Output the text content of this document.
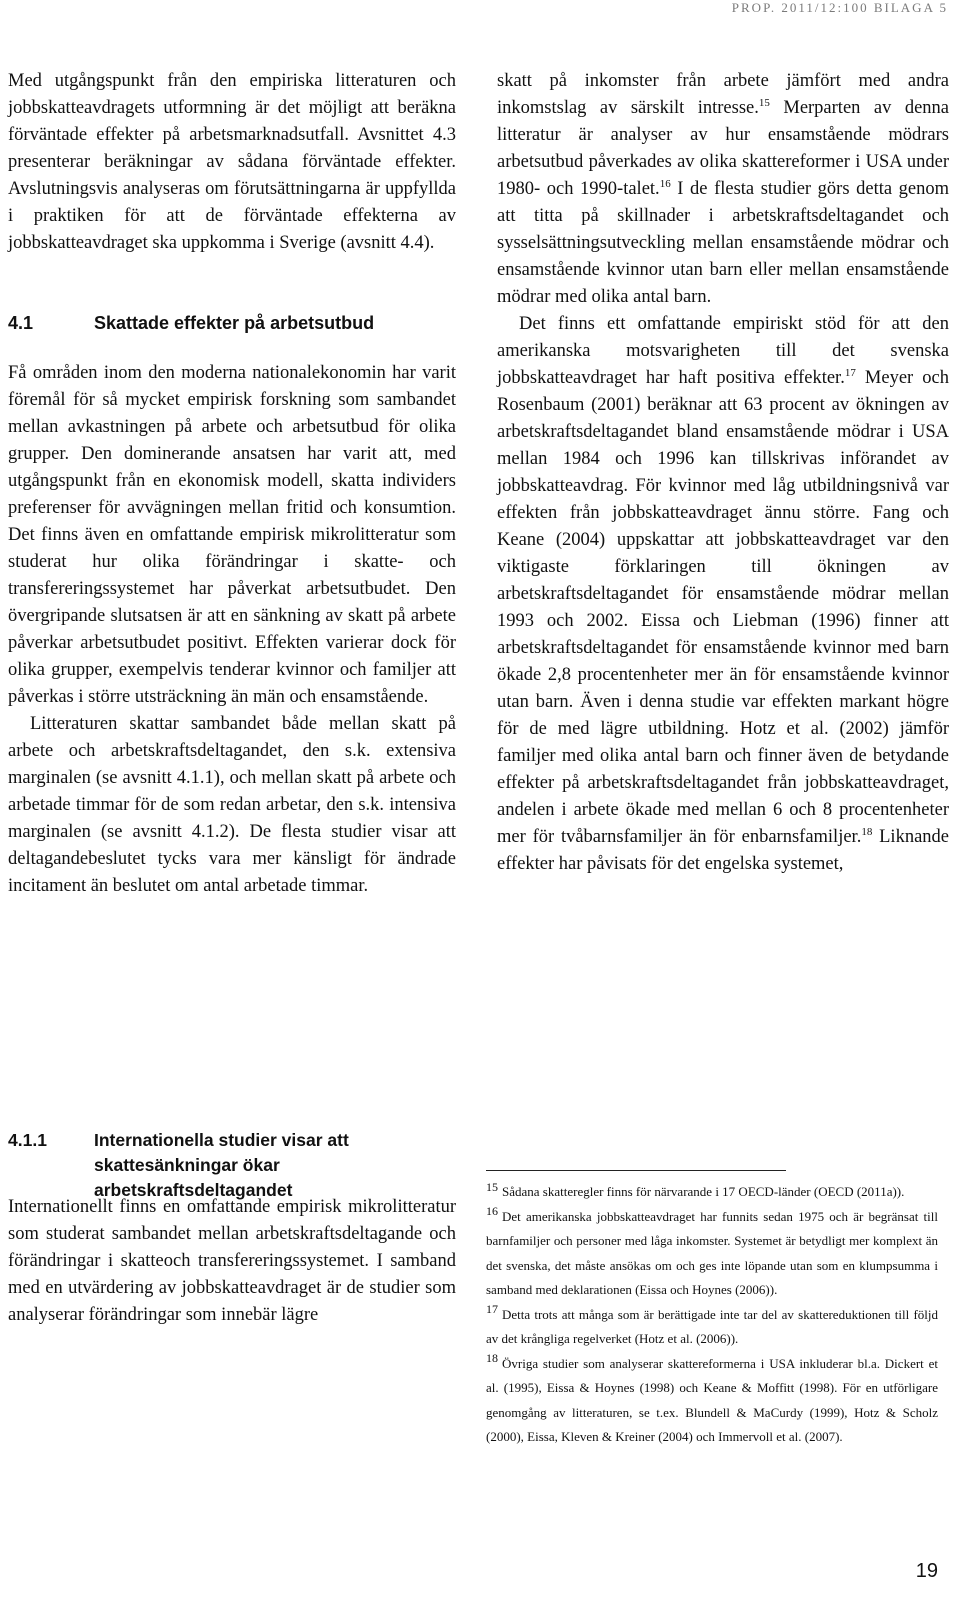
PROP. 2011/12:100 BILAGA 5

Med utgångspunkt från den empiriska litteraturen och jobbskatteavdragets utformning är det möjligt att beräkna förväntade effekter på arbetsmarknadsutfall. Avsnittet 4.3 presenterar beräkningar av sådana förväntade effekter. Avslutningsvis analyseras om förutsättningarna är uppfyllda i praktiken för att de förväntade effekterna av jobbskatteavdraget ska uppkomma i Sverige (avsnitt 4.4).

4.1	Skattade effekter på arbetsutbud

Få områden inom den moderna nationalekonomin har varit föremål för så mycket empirisk forskning som sambandet mellan avkastningen på arbete och arbetsutbud för olika grupper. Den dominerande ansatsen har varit att, med utgångspunkt från en ekonomisk modell, skatta individers preferenser för avvägningen mellan fritid och konsumtion. Det finns även en omfattande empirisk mikrolitteratur som studerat hur olika förändringar i skatte- och transfereringssystemet har påverkat arbetsutbudet. Den övergripande slutsatsen är att en sänkning av skatt på arbete påverkar arbetsutbudet positivt. Effekten varierar dock för olika grupper, exempelvis tenderar kvinnor och familjer att påverkas i större utsträckning än män och ensamstående.

Litteraturen skattar sambandet både mellan skatt på arbete och arbetskraftsdeltagandet, den s.k. extensiva marginalen (se avsnitt 4.1.1), och mellan skatt på arbete och arbetade timmar för de som redan arbetar, den s.k. intensiva marginalen (se avsnitt 4.1.2). De flesta studier visar att deltagandebeslutet tycks vara mer känsligt för ändrade incitament än beslutet om antal arbetade timmar.

4.1.1	Internationella studier visar att skattesänkningar ökar arbetskraftsdeltagandet

Internationellt finns en omfattande empirisk mikrolitteratur som studerat sambandet mellan arbetskraftsdeltagande och förändringar i skatteoch transfereringssystemet. I samband med en utvärdering av jobbskatteavdraget är de studier som analyserar förändringar som innebär lägre

skatt på inkomster från arbete jämfört med andra inkomstslag av särskilt intresse.$^{15}$ Merparten av denna litteratur är analyser av hur ensamstående mödrars arbetsutbud påverkades av olika skattereformer i USA under 1980- och 1990-talet.$^{16}$ I de flesta studier görs detta genom att titta på skillnader i arbetskraftsdeltagandet och sysselsättningsutveckling mellan ensamstående mödrar och ensamstående kvinnor utan barn eller mellan ensamstående mödrar med olika antal barn.

Det finns ett omfattande empiriskt stöd för att den amerikanska motsvarigheten till det svenska jobbskatteavdraget har haft positiva effekter.$^{17}$ Meyer och Rosenbaum (2001) beräknar att 63 procent av ökningen av arbetskraftsdeltagandet bland ensamstående mödrar i USA mellan 1984 och 1996 kan tillskrivas införandet av jobbskatteavdrag. För kvinnor med låg utbildningsnivå var effekten från jobbskatteavdraget ännu större. Fang och Keane (2004) uppskattar att jobbskatteavdraget var den viktigaste förklaringen till ökningen av arbetskraftsdeltagandet för ensamstående mödrar mellan 1993 och 2002. Eissa och Liebman (1996) finner att arbetskraftsdeltagandet för ensamstående kvinnor med barn ökade 2,8 procentenheter mer än för ensamstående kvinnor utan barn. Även i denna studie var effekten markant högre för de med lägre utbildning. Hotz et al. (2002) jämför familjer med olika antal barn och finner även de betydande effekter på arbetskraftsdeltagandet från jobbskatteavdraget, andelen i arbete ökade med mellan 6 och 8 procentenheter mer för tvåbarnsfamiljer än för enbarnsfamiljer.$^{18}$ Liknande effekter har påvisats för det engelska systemet,

15 Sådana skatteregler finns för närvarande i 17 OECD-länder (OECD (2011a)).

16 Det amerikanska jobbskatteavdraget har funnits sedan 1975 och är begränsat till barnfamiljer och personer med låga inkomster. Systemet är betydligt mer komplext än det svenska, det måste ansökas om och ges inte löpande utan som en klumpsumma i samband med deklarationen (Eissa och Hoynes (2006)).

17 Detta trots att många som är berättigade inte tar del av skattereduktionen till följd av det krångliga regelverket (Hotz et al. (2006)).

18 Övriga studier som analyserar skattereformerna i USA inkluderar bl.a. Dickert et al. (1995), Eissa & Hoynes (1998) och Keane & Moffitt (1998). För en utförligare genomgång av litteraturen, se t.ex. Blundell & MaCurdy (1999), Hotz & Scholz (2000), Eissa, Kleven & Kreiner (2004) och Immervoll et al. (2007).

19
